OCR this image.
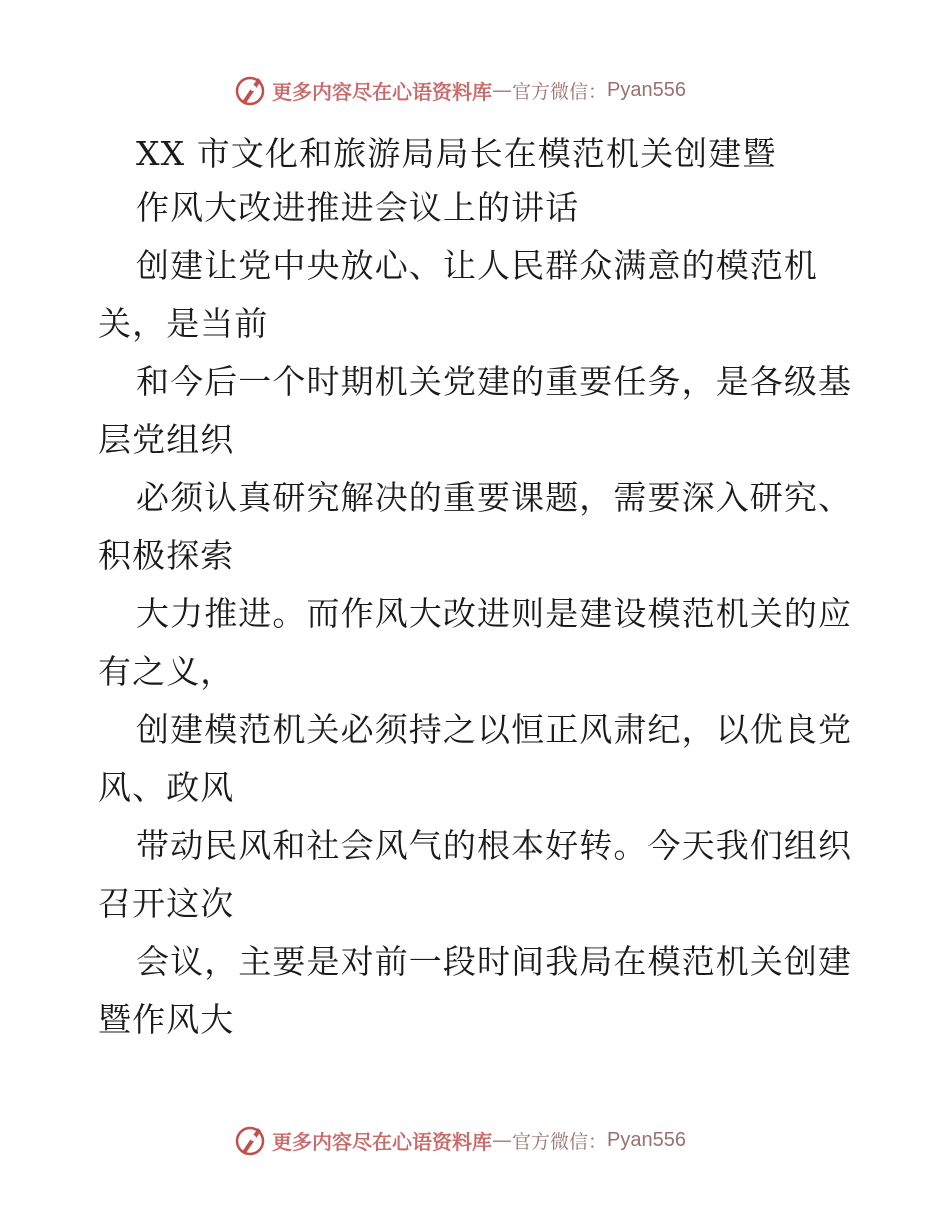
更多内容尽在心语资料库 — 官方微信： Pyan556
XX 市文化和旅游局局长在模范机关创建暨
作风大改进推进会议上的讲话
创建让党中央放心、让人民群众满意的模范机
关，是当前
和今后一个时期机关党建的重要任务，是各级基
层党组织
必须认真研究解决的重要课题，需要深入研究、
积极探索
大力推进。而作风大改进则是建设模范机关的应
有之义，
创建模范机关必须持之以恒正风肃纪，以优良党
风、政风
带动民风和社会风气的根本好转。今天我们组织
召开这次
会议，主要是对前一段时间我局在模范机关创建
暨作风大
更多内容尽在心语资料库 — 官方微信： Pyan556
